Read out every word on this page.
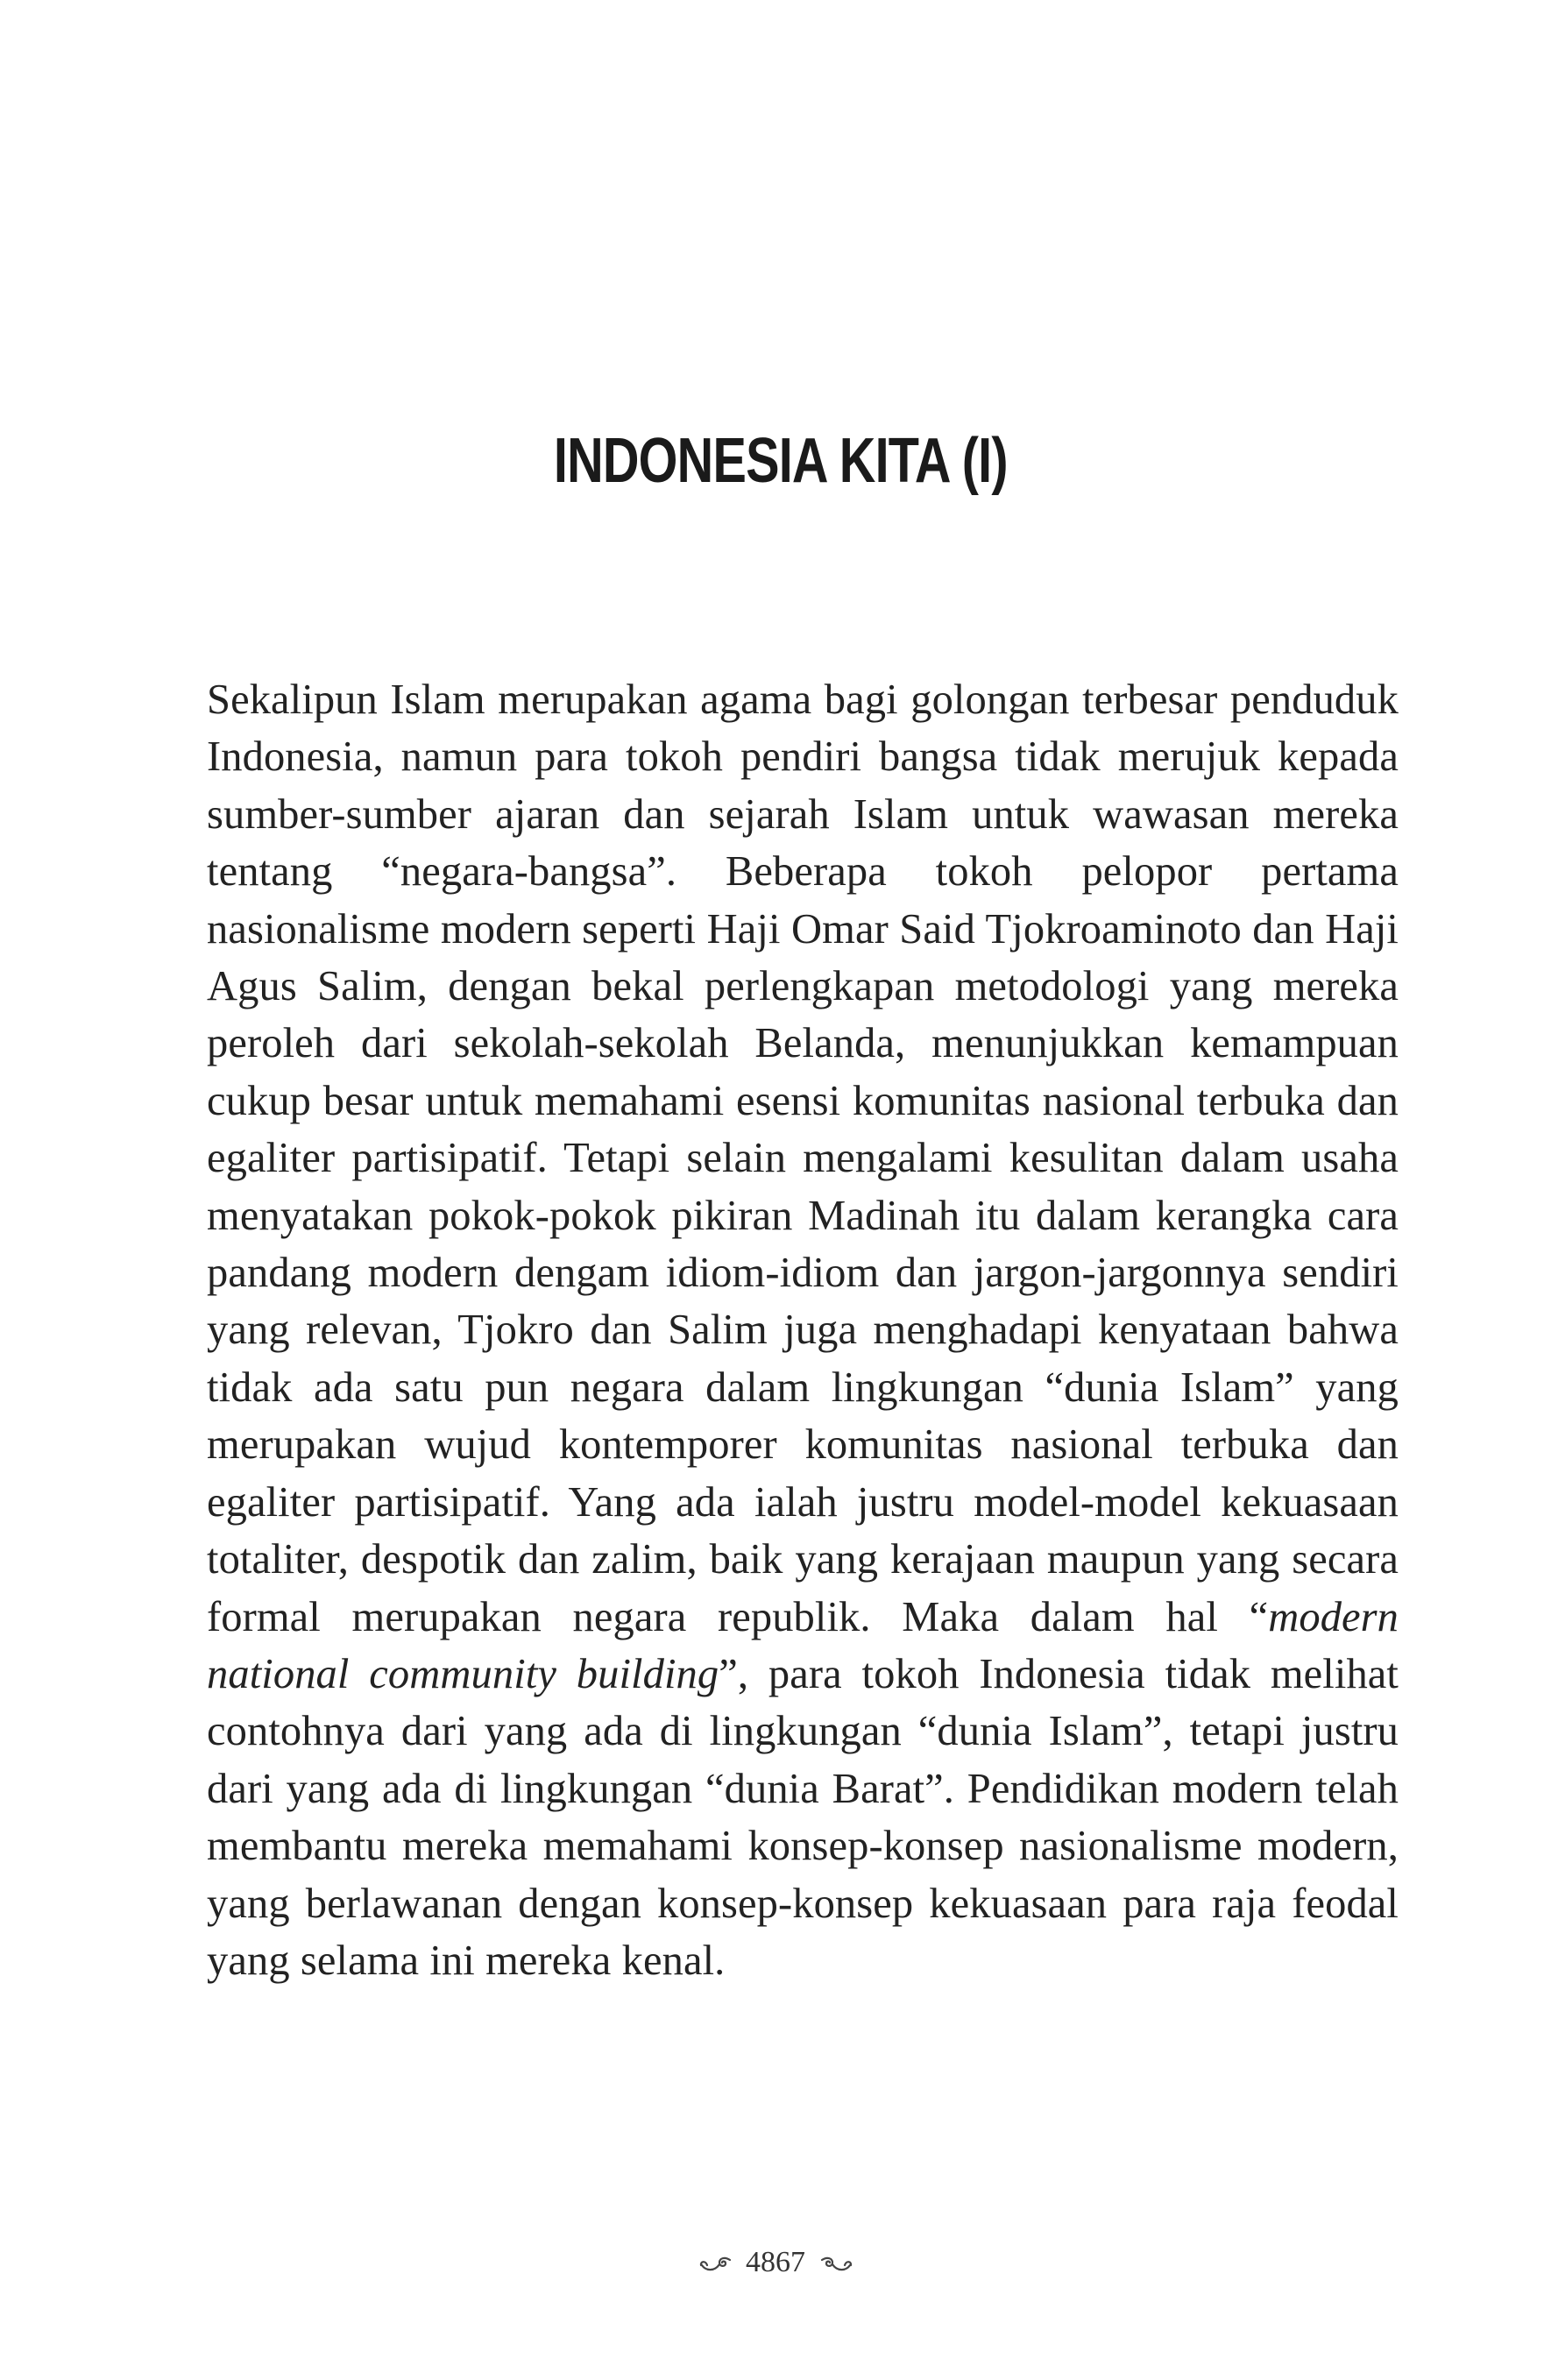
INDONESIA KITA (I)

Sekalipun Islam merupakan agama bagi golongan terbesar penduduk Indonesia, namun para tokoh pendiri bangsa tidak merujuk kepada sumber-sumber ajaran dan sejarah Islam untuk wawasan mereka tentang “negara-bangsa”. Beberapa tokoh pelopor pertama nasionalisme modern seperti Haji Omar Said Tjokroaminoto dan Haji Agus Salim, dengan bekal perlengkapan metodologi yang mereka peroleh dari sekolah-sekolah Belanda, menunjukkan kemampuan cukup besar untuk memahami esensi komunitas nasional terbuka dan egaliter partisipatif. Tetapi selain mengalami kesulitan dalam usaha menyatakan pokok-pokok pikiran Madinah itu dalam kerangka cara pandang modern dengam idiom-idiom dan jargon-jargonnya sendiri yang relevan, Tjokro dan Salim juga menghadapi kenyataan bahwa tidak ada satu pun negara dalam lingkungan “dunia Islam” yang merupakan wujud kontemporer komunitas nasional terbuka dan egaliter partisipatif. Yang ada ialah justru model-model kekuasaan totaliter, despotik dan zalim, baik yang kerajaan maupun yang secara formal merupakan negara republik. Maka dalam hal “modern national community building”, para tokoh Indonesia tidak melihat contohnya dari yang ada di lingkungan “dunia Islam”, tetapi justru dari yang ada di lingkungan “dunia Barat”. Pendidikan modern telah membantu mereka memahami konsep-konsep nasionalisme modern, yang berlawanan dengan konsep-konsep kekuasaan para raja feodal yang selama ini mereka kenal.

4867
